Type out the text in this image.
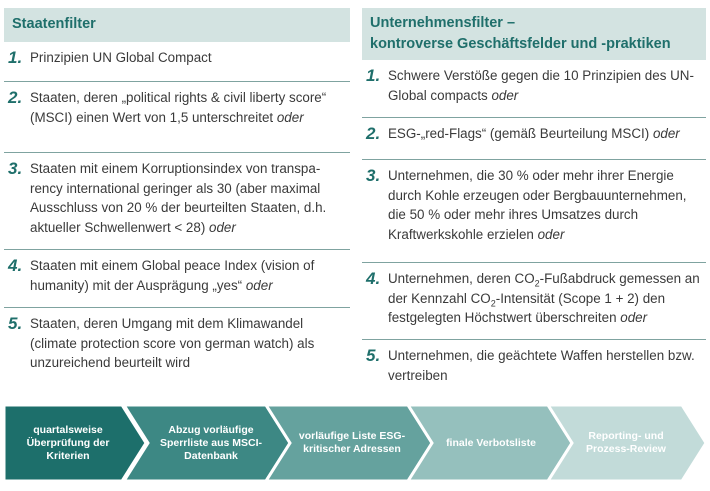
Staatenfilter
1. Prinzipien UN Global Compact
2. Staaten, deren „political rights & civil liberty score“ (MSCI) einen Wert von 1,5 unterschreitet oder
3. Staaten mit einem Korruptionsindex von transparency international geringer als 30 (aber maximal Ausschluss von 20 % der beurteilten Staaten, d.h. aktueller Schwellenwert < 28) oder
4. Staaten mit einem Global peace Index (vision of humanity) mit der Ausprägung „yes“ oder
5. Staaten, deren Umgang mit dem Klimawandel (climate protection score von german watch) als unzureichend beurteilt wird
Unternehmensfilter –
kontroverse Geschäftsfelder und -praktiken
1. Schwere Verstöße gegen die 10 Prinzipien des UN-Global compacts oder
2. ESG-„red-Flags“ (gemäß Beurteilung MSCI) oder
3. Unternehmen, die 30 % oder mehr ihrer Energie durch Kohle erzeugen oder Bergbauunternehmen, die 50 % oder mehr ihres Umsatzes durch Kraftwerkskohle erzielen oder
4. Unternehmen, deren $CO_2$-Fußabdruck gemessen an der Kennzahl $CO_2$-Intensität (Scope 1 + 2) den festgelegten Höchstwert überschreiten oder
5. Unternehmen, die geächtete Waffen herstellen bzw. vertreiben
quartalsweise Überprüfung der Kriterien
Abzug vorläufige Sperrliste aus MSCI-Datenbank
vorläufige Liste ESG-kritischer Adressen
finale Verbotsliste
Reporting- und Prozess-Review
